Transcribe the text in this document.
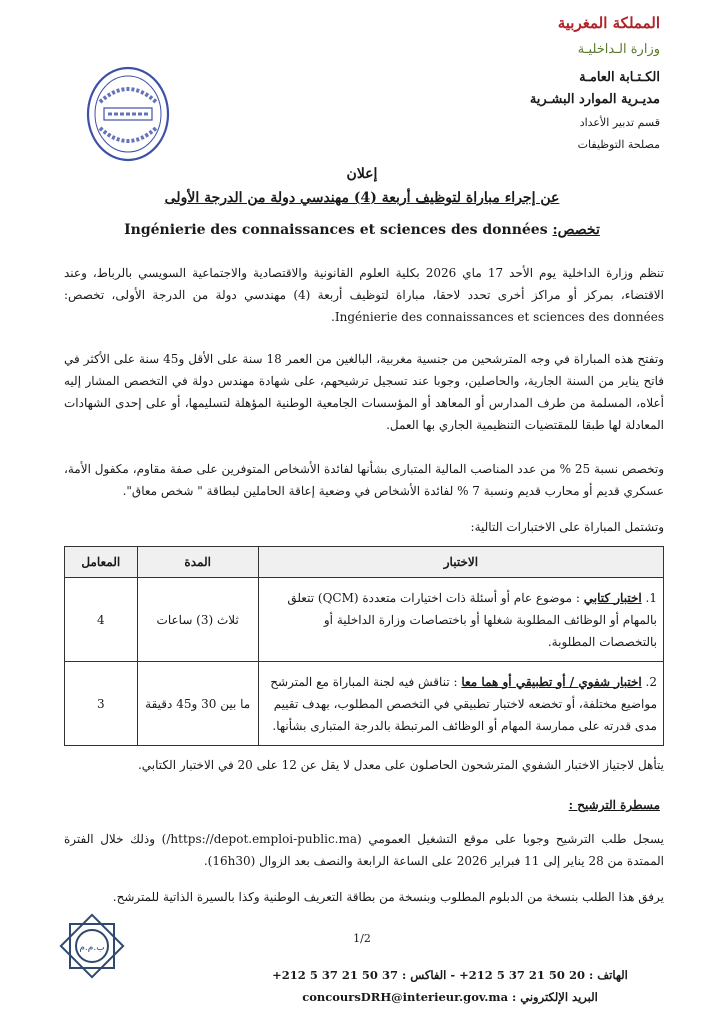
المملكة المغربية
وزارة الـداخليـة
الكـتـابة العامـة
مديـرية الموارد البشـرية
قسم تدبير الأعداد
مصلحة التوظيفات
إعلان
عن إجراء مباراة لتوظيف أربعة (4) مهندسي دولة من الدرجة الأولى
Ingénierie des connaissances et sciences des données تخصص:
تنظم وزارة الداخلية يوم الأحد 17 ماي 2026 بكلية العلوم القانونية والاقتصادية والاجتماعية السويسي بالرباط، وعند الاقتضاء، بمركز أو مراكز أخرى تحدد لاحقا، مباراة لتوظيف أربعة (4) مهندسي دولة من الدرجة الأولى، تخصص: Ingénierie des connaissances et sciences des données.
وتفتح هذه المباراة في وجه المترشحين من جنسية مغربية، البالغين من العمر 18 سنة على الأقل و45 سنة على الأكثر في فاتح يناير من السنة الجارية، والحاصلين، وجوبا عند تسجيل ترشيحهم، على شهادة مهندس دولة في التخصص المشار إليه أعلاه، المسلمة من طرف المدارس أو المعاهد أو المؤسسات الجامعية الوطنية المؤهلة لتسليمها، أو على إحدى الشهادات المعادلة لها طبقا للمقتضيات التنظيمية الجاري بها العمل.
وتخصص نسبة 25 % من عدد المناصب المالية المتبارى بشأنها لفائدة الأشخاص المتوفرين على صفة مقاوم، مكفول الأمة، عسكري قديم أو محارب قديم ونسبة 7 % لفائدة الأشخاص في وضعية إعاقة الحاملين لبطاقة " شخص معاق".
وتشتمل المباراة على الاختبارات التالية:
الاختبار	المدة	المعامل
1. اختبار كتابي : موضوع عام أو أسئلة ذات اختيارات متعددة (QCM) تتعلق بالمهام أو الوظائف المطلوبة شغلها أو باختصاصات وزارة الداخلية أو بالتخصصات المطلوبة.	ثلاث (3) ساعات	4
2. اختبار شفوي / أو تطبيقي أو هما معا : تناقش فيه لجنة المباراة مع المترشح مواضيع مختلفة، أو تخضعه لاختبار تطبيقي في التخصص المطلوب، بهدف تقييم مدى قدرته على ممارسة المهام أو الوظائف المرتبطة بالدرجة المتبارى بشأنها.	ما بين 30 و45 دقيقة	3
يتأهل لاجتياز الاختبار الشفوي المترشحون الحاصلون على معدل لا يقل عن 12 على 20 في الاختبار الكتابي.
مسطرة الترشيح :
يسجل طلب الترشيح وجوبا على موقع التشغيل العمومي (https://depot.emploi-public.ma/) وذلك خلال الفترة الممتدة من 28 يناير إلى 11 فبراير 2026 على الساعة الرابعة والنصف بعد الزوال (16h30).
يرفق هذا الطلب بنسخة من الدبلوم المطلوب وبنسخة من بطاقة التعريف الوطنية وكذا بالسيرة الذاتية للمترشح.
ب.م.م
1/2
الهاتف : 20 50 21 37 5 212+ - الفاكس : 37 50 21 37 5 212+
البريد الإلكتروني : concoursDRH@interieur.gov.ma
